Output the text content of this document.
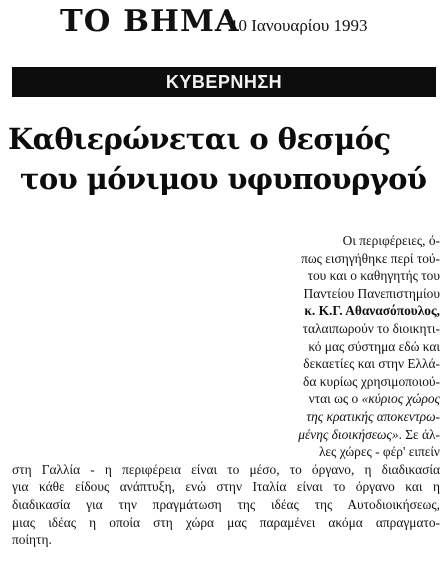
ΤΟ ΒΗΜΑ
10 Ιανουαρίου 1993
ΚΥΒΕΡΝΗΣΗ
Καθιερώνεται ο θεσμός
του μόνιμου υφυπουργού
Οι περιφέρειες, ό-
πως εισηγήθηκε περί τού-
του και ο καθηγητής του
Παντείου Πανεπιστημίου
κ. Κ.Γ. Αθανασόπουλος,
ταλαιπωρούν το διοικητι-
κό μας σύστημα εδώ και
δεκαετίες και στην Ελλά-
δα κυρίως χρησιμοποιού-
νται ως ο «κύριος χώρος
της κρατικής αποκεντρω-
μένης διοικήσεως». Σε άλ-
λες χώρες - φέρ' ειπείν
στη Γαλλία - η περιφέρεια είναι το μέσο, το όργανο, η διαδικασία
για κάθε είδους ανάπτυξη, ενώ στην Ιταλία είναι το όργανο και η
διαδικασία για την πραγμάτωση της ιδέας της Αυτοδιοικήσεως,
μιας ιδέας η οποία στη χώρα μας παραμένει ακόμα απραγματο-
ποίητη.
